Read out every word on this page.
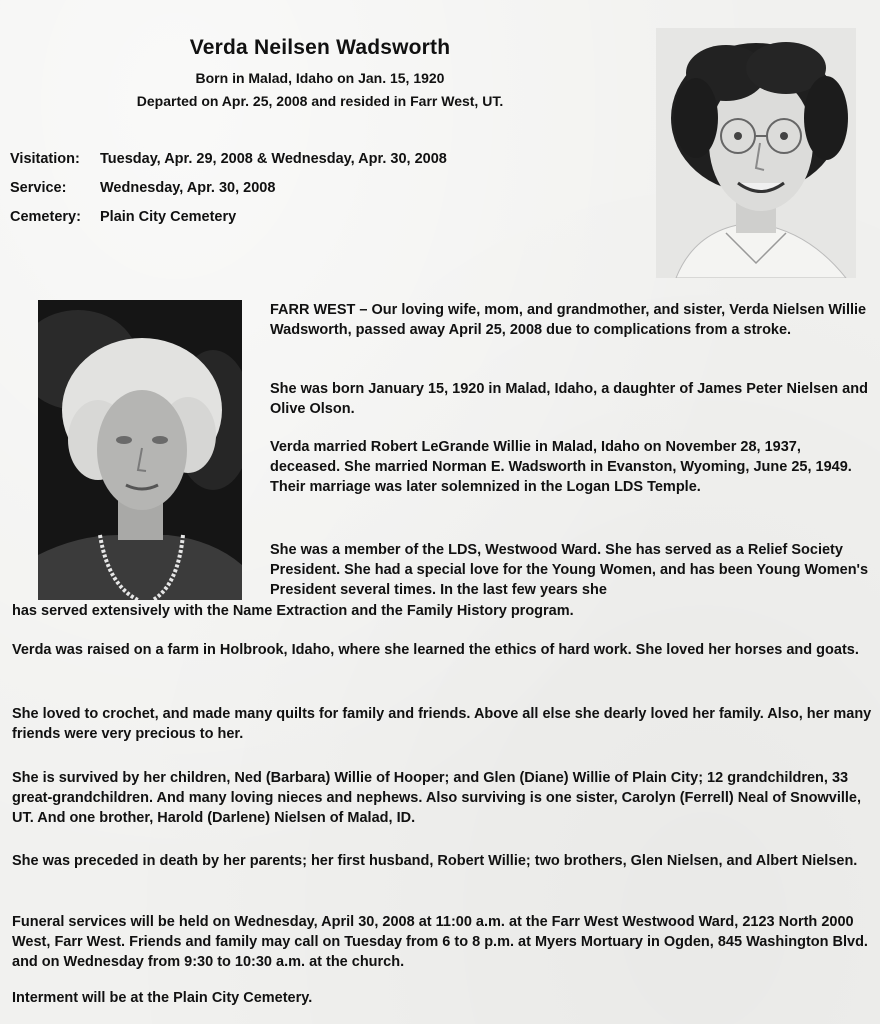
Verda Neilsen Wadsworth
Born in Malad, Idaho on Jan. 15, 1920
Departed on Apr. 25, 2008 and resided in Farr West, UT.
Visitation: Tuesday, Apr. 29, 2008 & Wednesday, Apr. 30, 2008
Service: Wednesday, Apr. 30, 2008
Cemetery: Plain City Cemetery
FARR WEST – Our loving wife, mom, and grandmother, and sister, Verda Nielsen Willie Wadsworth, passed away April 25, 2008 due to complications from a stroke.
She was born January 15, 1920 in Malad, Idaho, a daughter of James Peter Nielsen and Olive Olson.
Verda married Robert LeGrande Willie in Malad, Idaho on November 28, 1937, deceased. She married Norman E. Wadsworth in Evanston, Wyoming, June 25, 1949. Their marriage was later solemnized in the Logan LDS Temple.
She was a member of the LDS, Westwood Ward. She has served as a Relief Society President. She had a special love for the Young Women, and has been Young Women's President several times. In the last few years she
has served extensively with the Name Extraction and the Family History program.
Verda was raised on a farm in Holbrook, Idaho, where she learned the ethics of hard work. She loved her horses and goats.
She loved to crochet, and made many quilts for family and friends. Above all else she dearly loved her family. Also, her many friends were very precious to her.
She is survived by her children, Ned (Barbara) Willie of Hooper; and Glen (Diane) Willie of Plain City; 12 grandchildren, 33 great-grandchildren. And many loving nieces and nephews. Also surviving is one sister, Carolyn (Ferrell) Neal of Snowville, UT. And one brother, Harold (Darlene) Nielsen of Malad, ID.
She was preceded in death by her parents; her first husband, Robert Willie; two brothers, Glen Nielsen, and Albert Nielsen.
Funeral services will be held on Wednesday, April 30, 2008 at 11:00 a.m. at the Farr West Westwood Ward, 2123 North 2000 West, Farr West. Friends and family may call on Tuesday from 6 to 8 p.m. at Myers Mortuary in Ogden, 845 Washington Blvd. and on Wednesday from 9:30 to 10:30 a.m. at the church.
Interment will be at the Plain City Cemetery.
